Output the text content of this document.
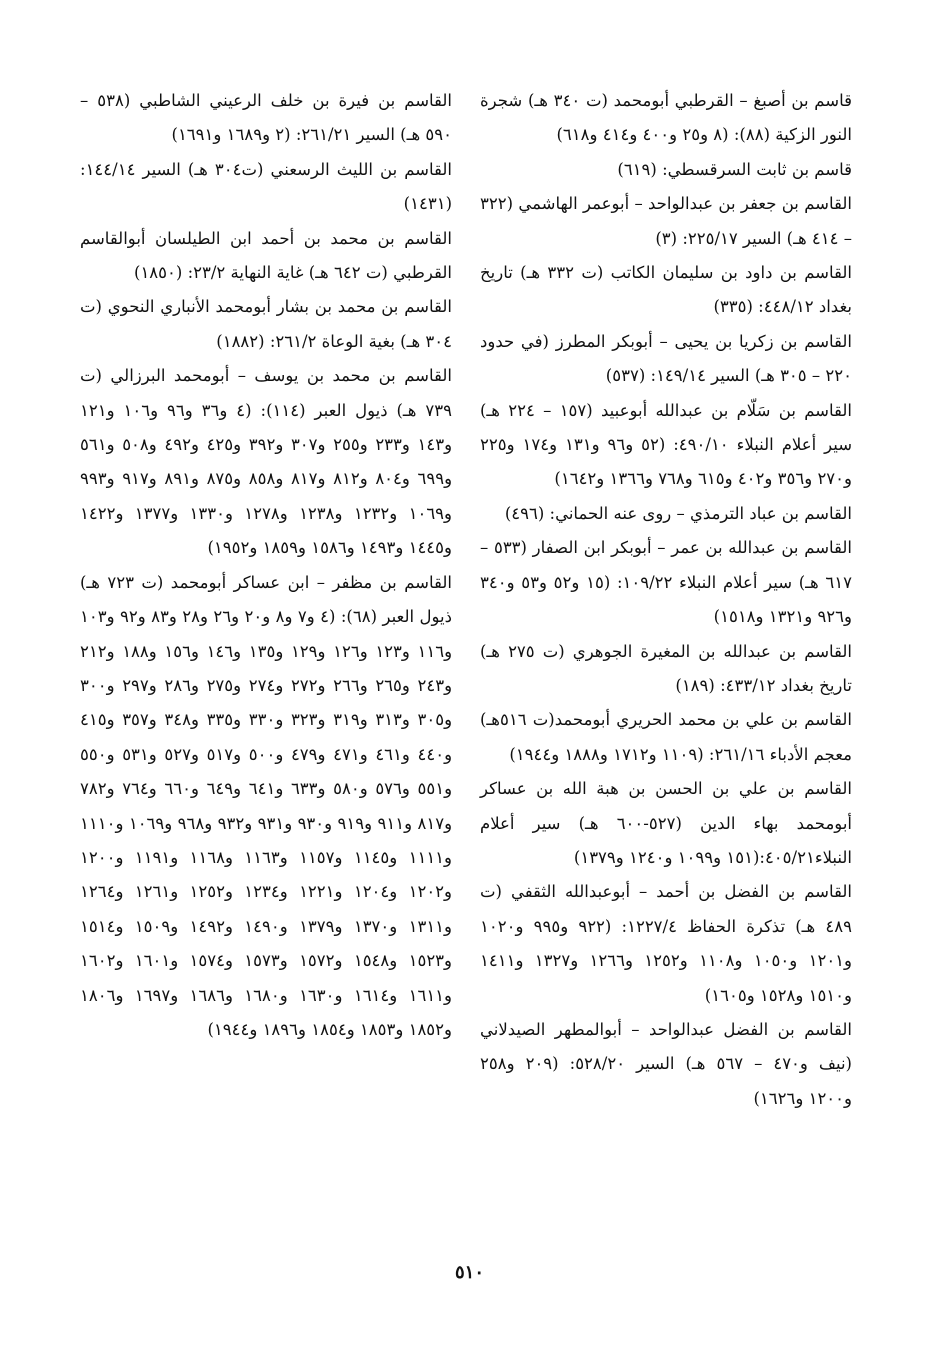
قاسم بن أصبغ – القرطبي أبومحمد (ت ٣٤٠ هـ) شجرة النور الزكية (٨٨): (٨ و٢٥ و٤٠٠ و٤١٤ و٦١٨)

قاسم بن ثابت السرقسطي: (٦١٩)

القاسم بن جعفر بن عبدالواحد – أبوعمر الهاشمي (٣٢٢ – ٤١٤ هـ) السير ٢٢٥/١٧: (٣)

القاسم بن داود بن سليمان الكاتب (ت ٣٣٢ هـ) تاريخ بغداد ٤٤٨/١٢: (٣٣٥)

القاسم بن زكريا بن يحيى – أبوبكر المطرز (في حدود ٢٢٠ – ٣٠٥ هـ) السير ١٤٩/١٤: (٥٣٧)

القاسم بن سَلّام بن عبدالله أبوعبيد (١٥٧ – ٢٢٤ هـ) سير أعلام النبلاء ٤٩٠/١٠: (٥٢ و٩٦ و١٣١ و١٧٤ و٢٢٥ و٢٧٠ و٣٥٦ و٤٠٢ و٦١٥ و٧٦٨ و١٣٦٦ و١٦٤٢)

القاسم بن عباد الترمذي – روى عنه الحماني: (٤٩٦)

القاسم بن عبدالله بن عمر – أبوبكر ابن الصفار (٥٣٣ – ٦١٧ هـ) سير أعلام النبلاء ١٠٩/٢٢: (١٥ و٥٢ و٥٣ و٣٤٠ و٩٢٦ و١٣٢١ و١٥١٨)

القاسم بن عبدالله بن المغيرة الجوهري (ت ٢٧٥ هـ) تاريخ بغداد ٤٣٣/١٢: (١٨٩)

القاسم بن علي بن محمد الحريري أبومحمد(ت ٥١٦هـ) معجم الأدباء ٢٦١/١٦: (١١٠٩ و١٧١٢ و١٨٨٨ و١٩٤٤)

القاسم بن علي بن الحسن بن هبة الله بن عساكر أبومحمد بهاء الدين (٥٢٧-٦٠٠ هـ) سير أعلام النبلاء٤٠٥/٢١:(١٥١ و١٠٩٩ و١٢٤٠ و١٣٧٩)

القاسم بن الفضل بن أحمد – أبوعبدالله الثقفي (ت ٤٨٩ هـ) تذكرة الحفاظ ١٢٢٧/٤: (٩٢٢ و٩٩٥ و١٠٢٠ و١٢٠١ و١٠٥٠ و١١٠٨ و١٢٥٢ و١٢٦٦ و١٣٢٧ و١٤١١ و١٥١٠ و١٥٢٨ و١٦٠٥)

القاسم بن الفضل عبدالواحد – أبوالمطهر الصيدلاني (نيف و٤٧٠ – ٥٦٧ هـ) السير ٥٢٨/٢٠: (٢٠٩ و٢٥٨ و١٢٠٠ و١٦٢٦)

القاسم بن فيرة بن خلف الرعيني الشاطبي (٥٣٨ – ٥٩٠ هـ) السير ٢٦١/٢١: (٢ و١٦٨٩ و١٦٩١)

القاسم بن الليث الرسعني (ت٣٠٤ هـ) السير ١٤٤/١٤: (١٤٣١)

القاسم بن محمد بن أحمد ابن الطيلسان أبوالقاسم القرطبي (ت ٦٤٢ هـ) غاية النهاية ٢٣/٢: (١٨٥٠)

القاسم بن محمد بن بشار أبومحمد الأنباري النحوي (ت ٣٠٤ هـ) بغية الوعاة ٢٦١/٢: (١٨٨٢)

القاسم بن محمد بن يوسف – أبومحمد البرزالي (ت ٧٣٩ هـ) ذيول العبر (١١٤): (٤ و٣٦ و٩٦ و١٠٦ و١٢١ و١٤٣ و٢٣٣ و٢٥٥ و٣٠٧ و٣٩٢ و٤٢٥ و٤٩٢ و٥٠٨ و٥٦١ و٦٩٩ و٨٠٤ و٨١٢ و٨١٧ و٨٥٨ و٨٧٥ و٨٩١ و٩١٧ و٩٩٣ و١٠٦٩ و١٢٣٢ و١٢٣٨ و١٢٧٨ و١٣٣٠ و١٣٧٧ و١٤٢٢ و١٤٤٥ و١٤٩٣ و١٥٨٦ و١٨٥٩ و١٩٥٢)

القاسم بن مظفر – ابن عساكر أبومحمد (ت ٧٢٣ هـ) ذيول العبر (٦٨): (٤ و٧ و٨ و٢٠ و٢٦ و٢٨ و٨٣ و٩٢ و١٠٣ و١١٦ و١٢٣ و١٢٦ و١٢٩ و١٣٥ و١٤٦ و١٥٦ و١٨٨ و٢١٢ و٢٤٣ و٢٦٥ و٢٦٦ و٢٧٢ و٢٧٤ و٢٧٥ و٢٨٦ و٢٩٧ و٣٠٠ و٣٠٥ و٣١٣ و٣١٩ و٣٢٣ و٣٣٠ و٣٣٥ و٣٤٨ و٣٥٧ و٤١٥ و٤٤٠ و٤٦١ و٤٧١ و٤٧٩ و٥٠٠ و٥١٧ و٥٢٧ و٥٣١ و٥٥٠ و٥٥١ و٥٧٦ و٥٨٠ و٦٣٣ و٦٤١ و٦٤٩ و٦٦٠ و٧٦٤ و٧٨٢ و٨١٧ و٩١١ و٩١٩ و٩٣٠ و٩٣١ و٩٣٢ و٩٦٨ و١٠٦٩ و١١١٠ و١١١١ و١١٤٥ و١١٥٧ و١١٦٣ و١١٦٨ و١١٩١ و١٢٠٠ و١٢٠٢ و١٢٠٤ و١٢٢١ و١٢٣٤ و١٢٥٢ و١٢٦١ و١٢٦٤ و١٣١١ و١٣٧٠ و١٣٧٩ و١٤٩٠ و١٤٩٢ و١٥٠٩ و١٥١٤ و١٥٢٣ و١٥٤٨ و١٥٧٢ و١٥٧٣ و١٥٧٤ و١٦٠١ و١٦٠٢ و١٦١١ و١٦١٤ و١٦٣٠ و١٦٨٠ و١٦٨٦ و١٦٩٧ و١٨٠٦ و١٨٥٢ و١٨٥٣ و١٨٥٤ و١٨٩٦ و١٩٤٤)

٥١٠
